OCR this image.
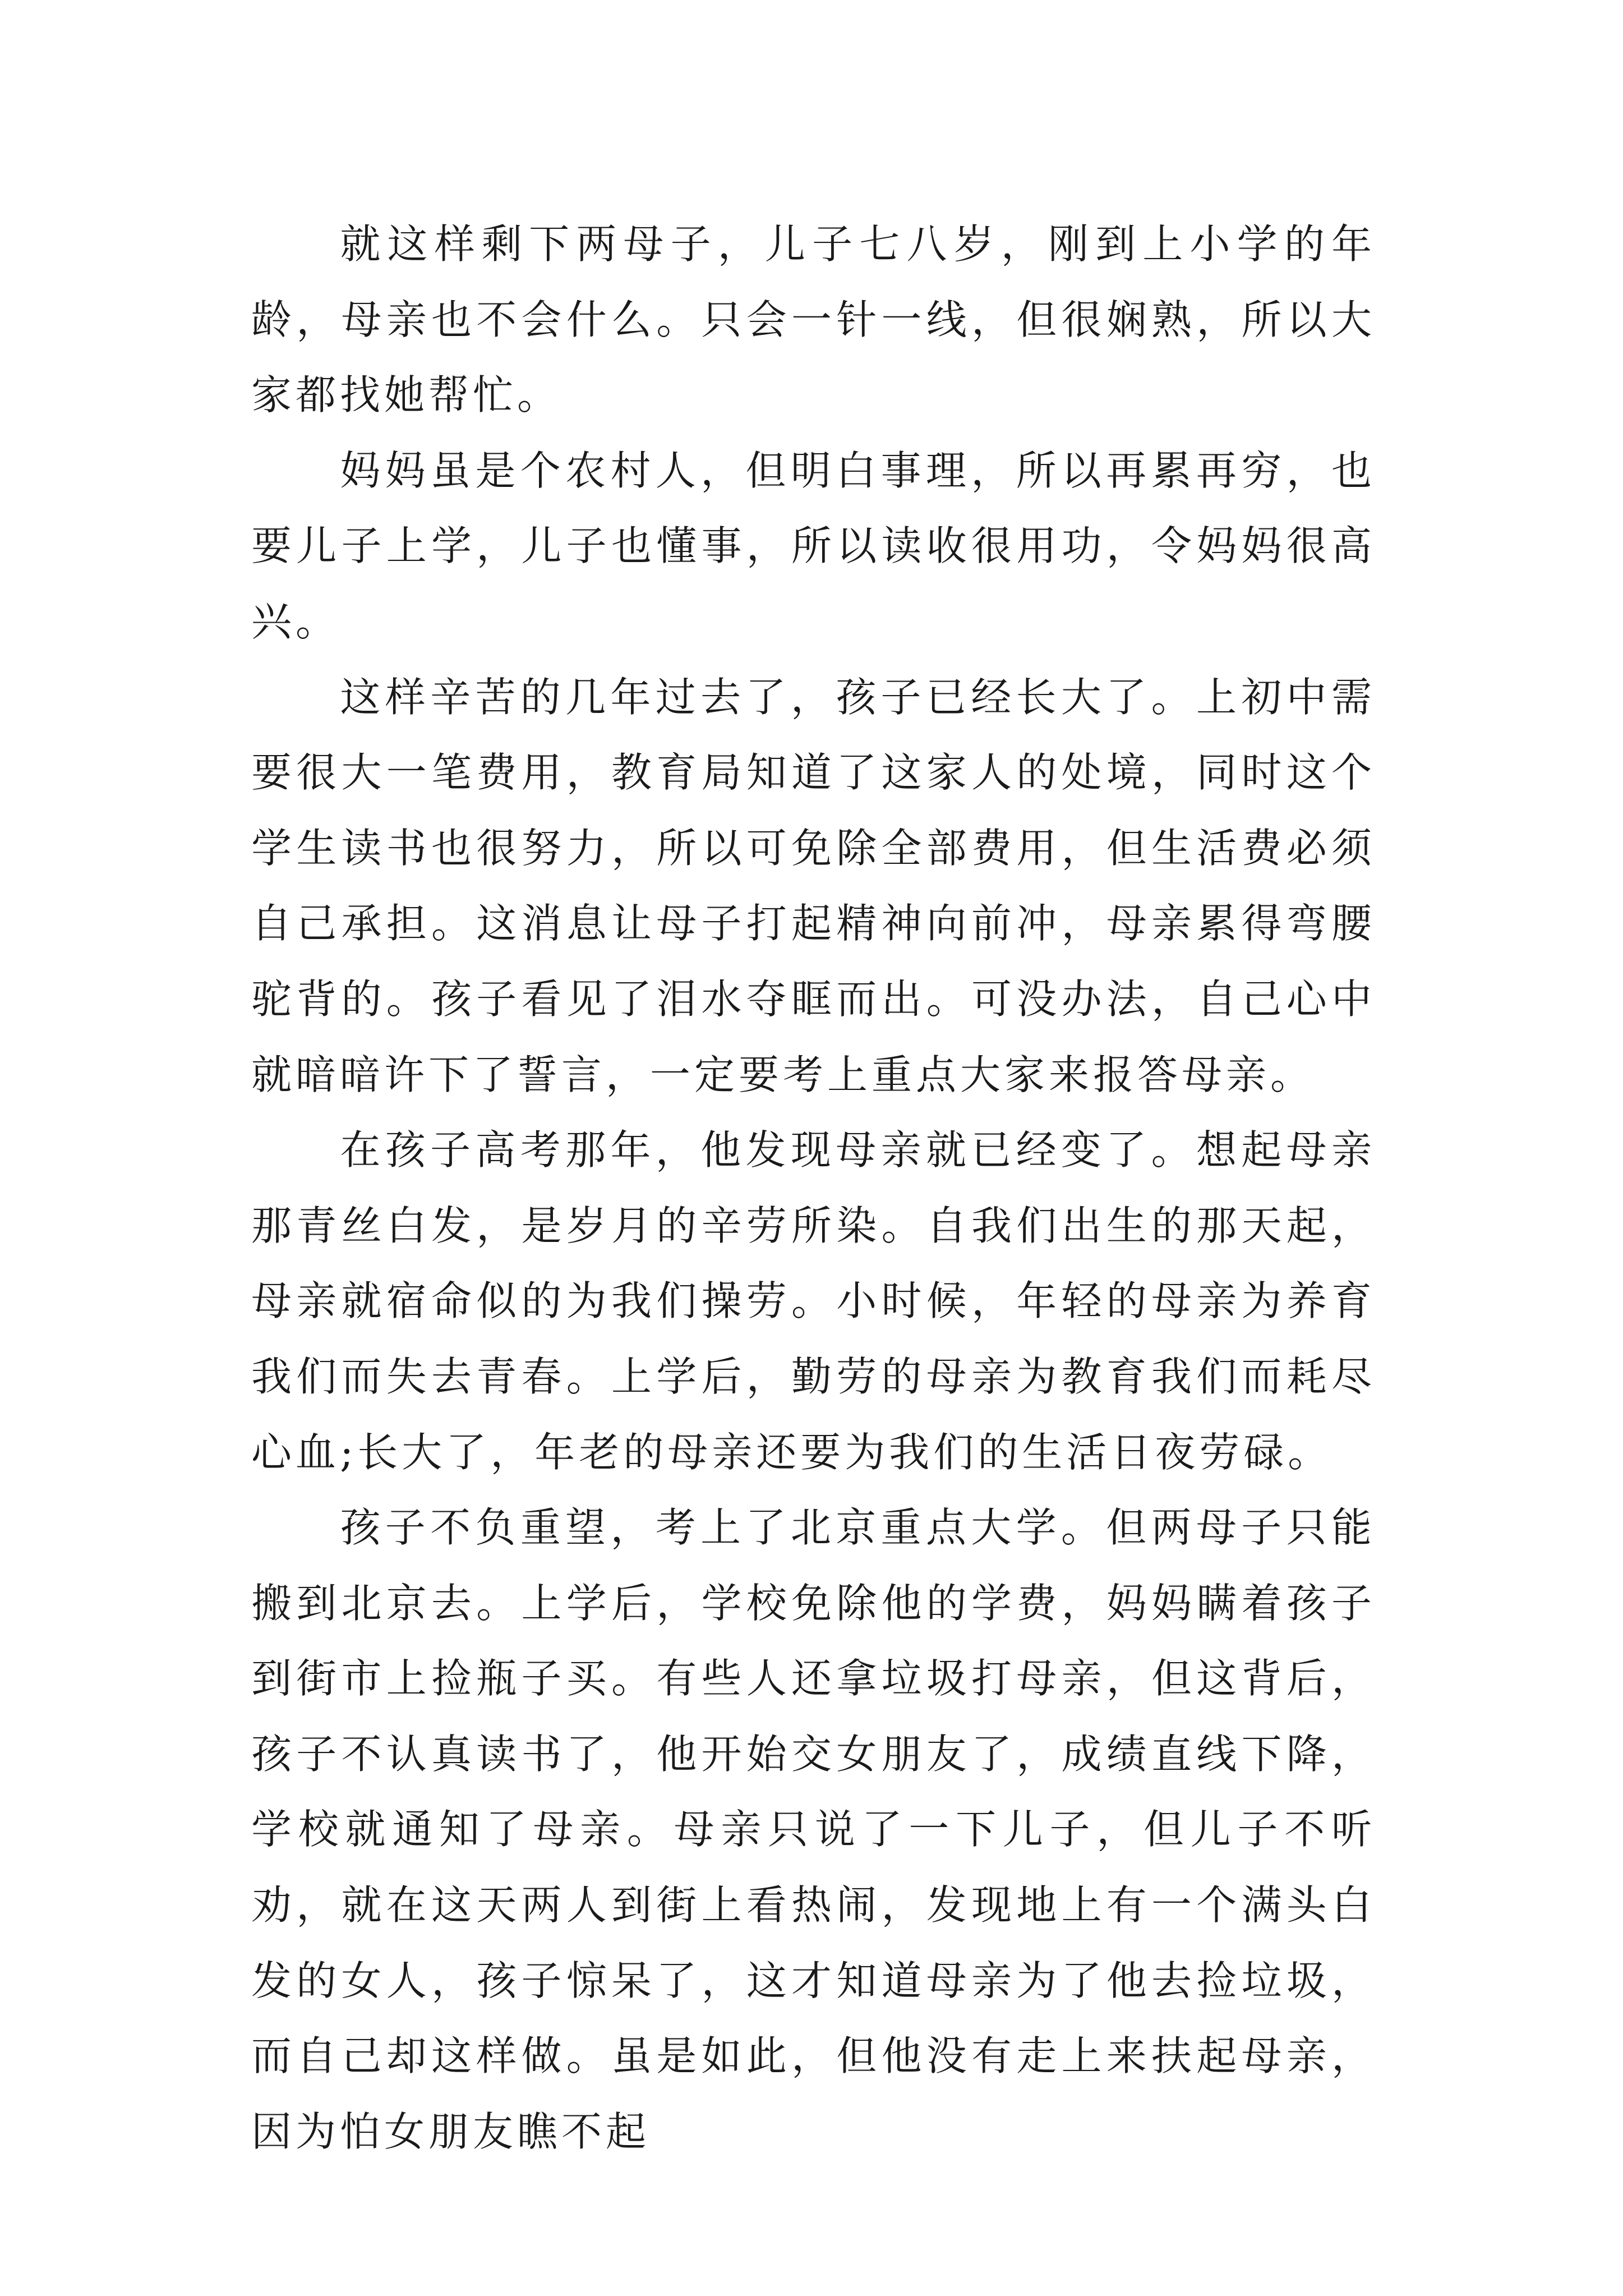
就这样剩下两母子，儿子七八岁，刚到上小学的年龄，母亲也不会什么。只会一针一线，但很娴熟，所以大家都找她帮忙。

妈妈虽是个农村人，但明白事理，所以再累再穷，也要儿子上学，儿子也懂事，所以读收很用功，令妈妈很高兴。

这样辛苦的几年过去了，孩子已经长大了。上初中需要很大一笔费用，教育局知道了这家人的处境，同时这个学生读书也很努力，所以可免除全部费用，但生活费必须自己承担。这消息让母子打起精神向前冲，母亲累得弯腰驼背的。孩子看见了泪水夺眶而出。可没办法，自己心中就暗暗许下了誓言，一定要考上重点大家来报答母亲。

在孩子高考那年，他发现母亲就已经变了。想起母亲那青丝白发，是岁月的辛劳所染。自我们出生的那天起，母亲就宿命似的为我们操劳。小时候，年轻的母亲为养育我们而失去青春。上学后，勤劳的母亲为教育我们而耗尽心血;长大了，年老的母亲还要为我们的生活日夜劳碌。

孩子不负重望，考上了北京重点大学。但两母子只能搬到北京去。上学后，学校免除他的学费，妈妈瞒着孩子到街市上捡瓶子买。有些人还拿垃圾打母亲，但这背后，孩子不认真读书了，他开始交女朋友了，成绩直线下降，学校就通知了母亲。母亲只说了一下儿子，但儿子不听劝，就在这天两人到街上看热闹，发现地上有一个满头白发的女人，孩子惊呆了，这才知道母亲为了他去捡垃圾，而自己却这样做。虽是如此，但他没有走上来扶起母亲，因为怕女朋友瞧不起
